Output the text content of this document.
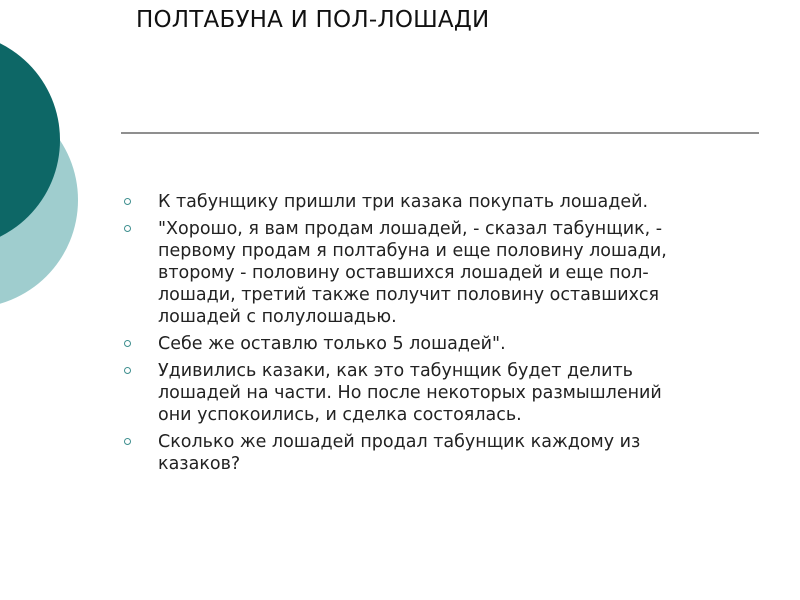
ПОЛТАБУНА И ПОЛ-ЛОШАДИ
К табунщику пришли три казака покупать лошадей.
"Хорошо, я вам продам лошадей, - сказал табунщик, -
первому продам я полтабуна и еще половину лошади,
второму - половину оставшихся лошадей и еще пол-
лошади, третий также получит половину оставшихся
лошадей с полулошадью.
Себе же оставлю только 5 лошадей".
Удивились казаки, как это табунщик будет делить
лошадей на части. Но после некоторых размышлений
они успокоились, и сделка состоялась.
Сколько же лошадей продал табунщик каждому из
казаков?
